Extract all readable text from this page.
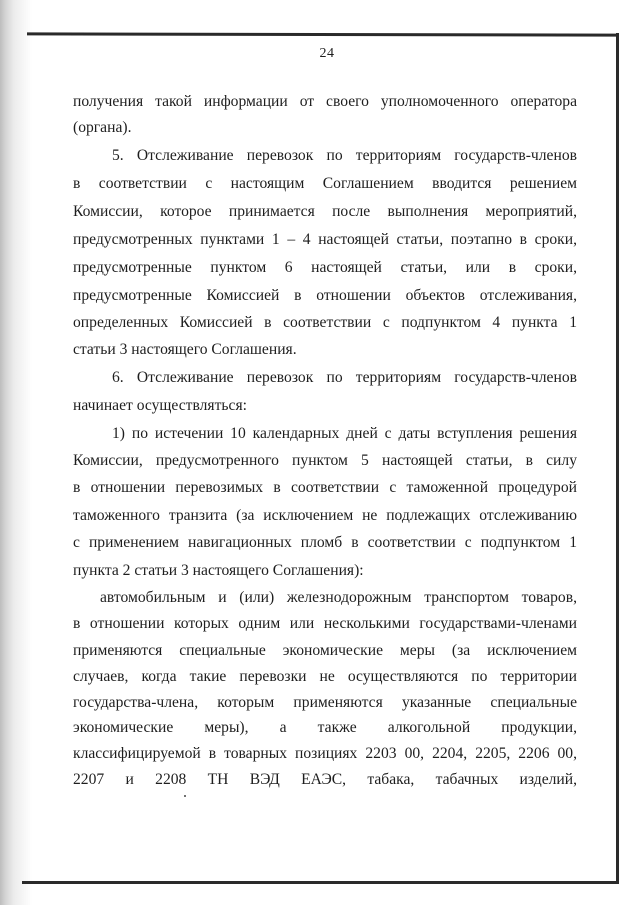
24
получения такой информации от своего уполномоченного оператора
(органа).
5. Отслеживание перевозок по территориям государств-членов
в соответствии с настоящим Соглашением вводится решением
Комиссии, которое принимается после выполнения мероприятий,
предусмотренных пунктами 1 – 4 настоящей статьи, поэтапно в сроки,
предусмотренные пунктом 6 настоящей статьи, или в сроки,
предусмотренные Комиссией в отношении объектов отслеживания,
определенных Комиссией в соответствии с подпунктом 4 пункта 1
статьи 3 настоящего Соглашения.
6. Отслеживание перевозок по территориям государств-членов
начинает осуществляться:
1) по истечении 10 календарных дней с даты вступления решения
Комиссии, предусмотренного пунктом 5 настоящей статьи, в силу
в отношении перевозимых в соответствии с таможенной процедурой
таможенного транзита (за исключением не подлежащих отслеживанию
с применением навигационных пломб в соответствии с подпунктом 1
пункта 2 статьи 3 настоящего Соглашения):
автомобильным и (или) железнодорожным транспортом товаров,
в отношении которых одним или несколькими государствами-членами
применяются специальные экономические меры (за исключением
случаев, когда такие перевозки не осуществляются по территории
государства-члена, которым применяются указанные специальные
экономические меры), а также алкогольной продукции,
классифицируемой в товарных позициях 2203 00, 2204, 2205, 2206 00,
2207 и 2208 ТН ВЭД ЕАЭС, табака, табачных изделий,
